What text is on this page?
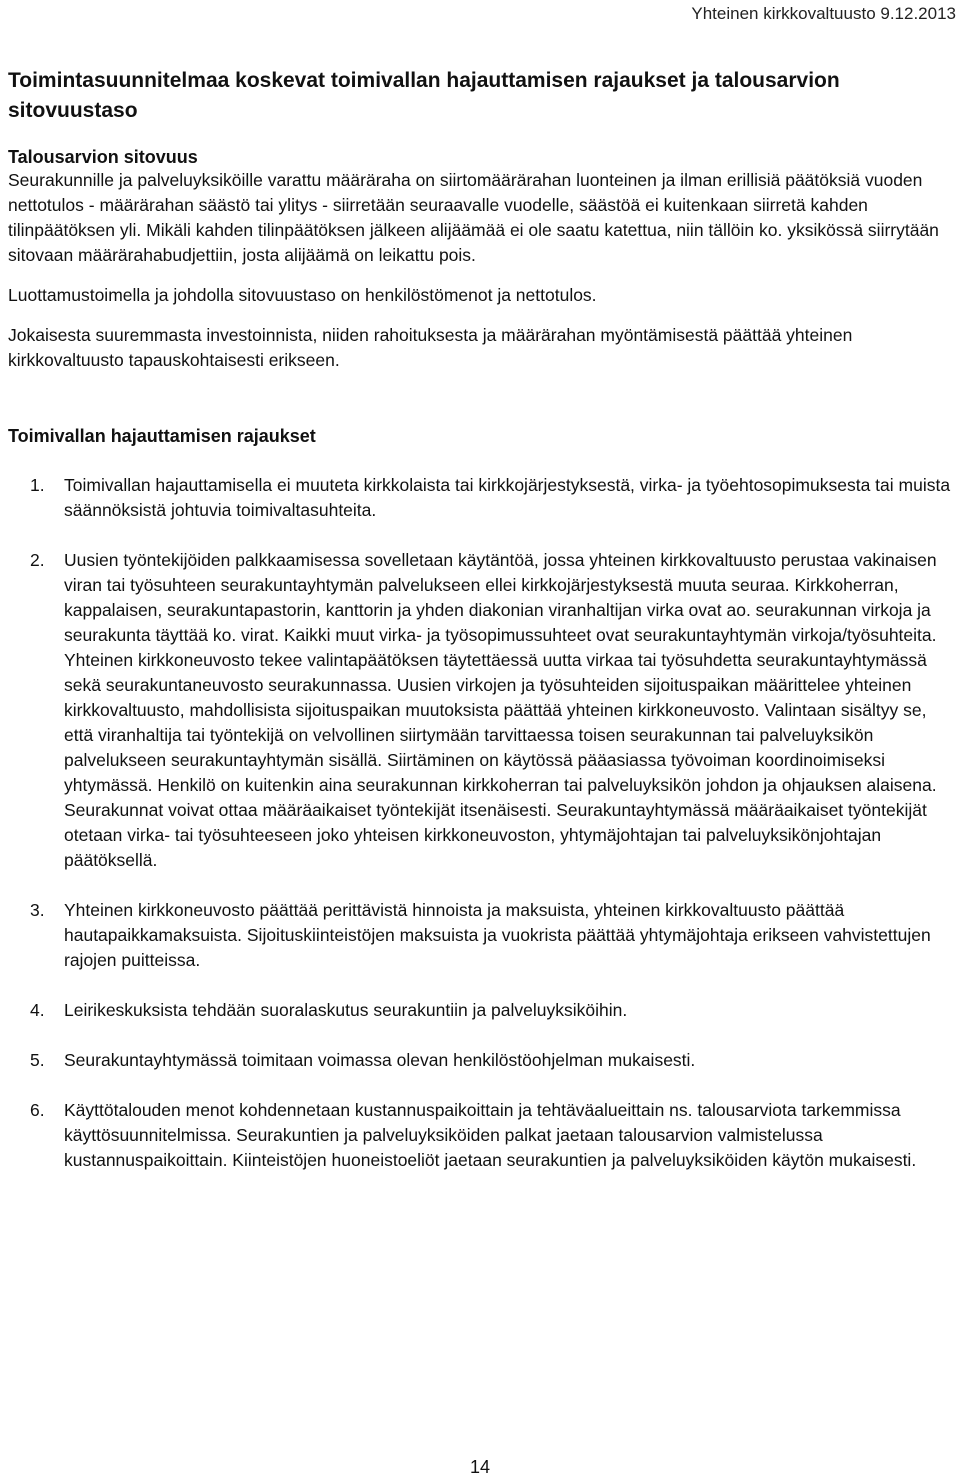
Yhteinen kirkkovaltuusto 9.12.2013
Toimintasuunnitelmaa koskevat toimivallan hajauttamisen rajaukset ja talousarvion sitovuustaso
Talousarvion sitovuus

Seurakunnille ja palveluyksiköille varattu määräraha on siirtomäärärahan luonteinen ja ilman erillisiä päätöksiä vuoden nettotulos - määrärahan säästö tai ylitys - siirretään seuraavalle vuodelle, säästöä ei kuitenkaan siirretä kahden tilinpäätöksen yli. Mikäli kahden tilinpäätöksen jälkeen alijäämää ei ole saatu katettua, niin tällöin ko. yksikössä siirrytään sitovaan määrärahabudjettiin, josta alijäämä on leikattu pois.

Luottamustoimella ja johdolla sitovuustaso on henkilöstömenot ja nettotulos.

Jokaisesta suuremmasta investoinnista, niiden rahoituksesta ja määrärahan myöntämisestä päättää yhteinen kirkkovaltuusto tapauskohtaisesti erikseen.

Toimivallan hajauttamisen rajaukset
1.	Toimivallan hajauttamisella ei muuteta kirkkolaista tai kirkkojärjestyksestä, virka- ja työehtosopimuksesta tai muista säännöksistä johtuvia toimivaltasuhteita.
2.	Uusien työntekijöiden palkkaamisessa sovelletaan käytäntöä, jossa yhteinen kirkkovaltuusto perustaa vakinaisen viran tai työsuhteen seurakuntayhtymän palvelukseen ellei kirkkojärjestyksestä muuta seuraa. Kirkkoherran, kappalaisen, seurakuntapastorin, kanttorin ja yhden diakonian viranhaltijan virka ovat ao. seurakunnan virkoja ja seurakunta täyttää ko. virat. Kaikki muut virka- ja työsopimussuhteet ovat seurakuntayhtymän virkoja/työsuhteita. Yhteinen kirkkoneuvosto tekee valintapäätöksen täytettäessä uutta virkaa tai työsuhdetta seurakuntayhtymässä sekä seurakuntaneuvosto seurakunnassa. Uusien virkojen ja työsuhteiden sijoituspaikan määrittelee yhteinen kirkkovaltuusto, mahdollisista sijoituspaikan muutoksista päättää yhteinen kirkkoneuvosto. Valintaan sisältyy se, että viranhaltija tai työntekijä on velvollinen siirtymään tarvittaessa toisen seurakunnan tai palveluyksikön palvelukseen seurakuntayhtymän sisällä. Siirtäminen on käytössä pääasiassa työvoiman koordinoimiseksi yhtymässä. Henkilö on kuitenkin aina seurakunnan kirkkoherran tai palveluyksikön johdon ja ohjauksen alaisena. Seurakunnat voivat ottaa määräaikaiset työntekijät itsenäisesti. Seurakuntayhtymässä määräaikaiset työntekijät otetaan virka- tai työsuhteeseen joko yhteisen kirkkoneuvoston, yhtymäjohtajan tai palveluyksikönjohtajan päätöksellä.
3.	Yhteinen kirkkoneuvosto päättää perittävistä hinnoista ja maksuista, yhteinen kirkkovaltuusto päättää hautapaikkamaksuista. Sijoituskiinteistöjen maksuista ja vuokrista päättää yhtymäjohtaja erikseen vahvistettujen rajojen puitteissa.
4.	Leirikeskuksista tehdään suoralaskutus seurakuntiin ja palveluyksiköihin.
5.	Seurakuntayhtymässä toimitaan voimassa olevan henkilöstöohjelman mukaisesti.
6.	Käyttötalouden menot kohdennetaan kustannuspaikoittain ja tehtäväalueittain ns. talousarviota tarkemmissa käyttösuunnitelmissa. Seurakuntien ja palveluyksiköiden palkat jaetaan talousarvion valmistelussa kustannuspaikoittain. Kiinteistöjen huoneistoeliöt jaetaan seurakuntien ja palveluyksiköiden käytön mukaisesti.
14
